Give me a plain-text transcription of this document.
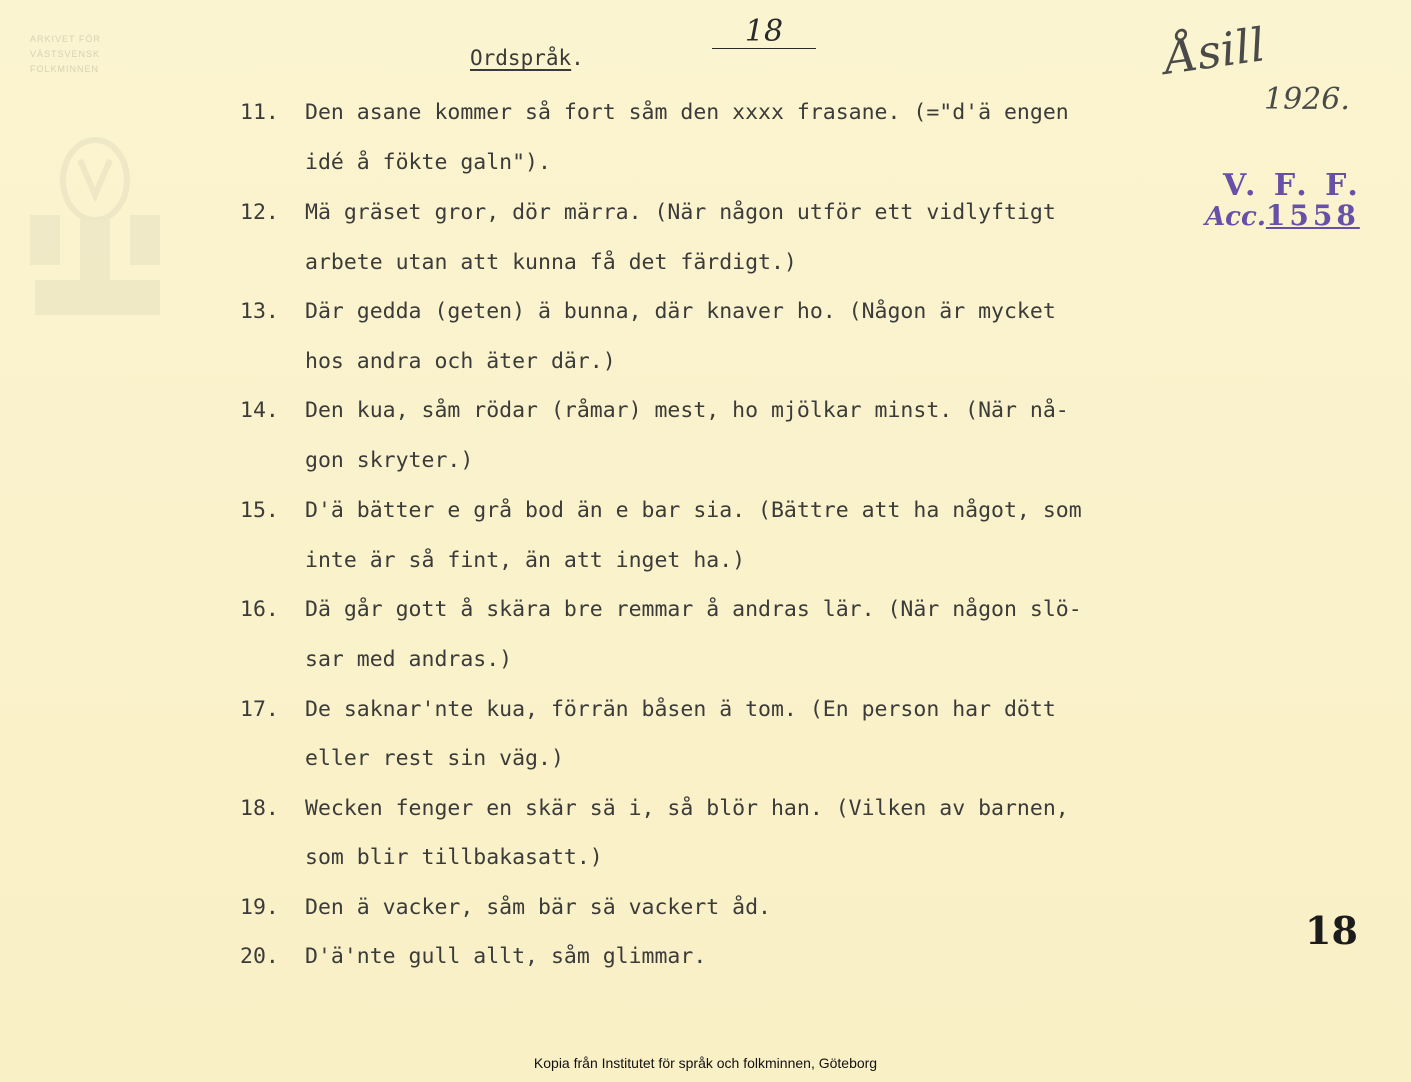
ARKIVET FÖR
VÄSTSVENSK
FOLKMINNEN
18
Ordspråk.	Åsill
1926.
V. F. F.
Acc.1558
11.	Den asane kommer så fort såm den xxxx frasane. (="d'ä engen
idé å fökte galn").
12.	Mä gräset gror, dör märra. (När någon utför ett vidlyftigt
arbete utan att kunna få det färdigt.)
13.	Där gedda (geten) ä bunna, där knaver ho. (Någon är mycket
hos andra och äter där.)
14.	Den kua, såm rödar (råmar) mest, ho mjölkar minst. (När nå-
gon skryter.)
15.	D'ä bätter e grå bod än e bar sia. (Bättre att ha något, som
inte är så fint, än att inget ha.)
16.	Dä går gott å skära bre remmar å andras lär. (När någon slö-
sar med andras.)
17.	De saknar'nte kua, förrän båsen ä tom. (En person har dött
eller rest sin väg.)
18.	Wecken fenger en skär sä i, så blör han. (Vilken av barnen,
som blir tillbakasatt.)
19.	Den ä vacker, såm bär sä vackert åd.
20.	D'ä'nte gull allt, såm glimmar.
18
Kopia från Institutet för språk och folkminnen, Göteborg
